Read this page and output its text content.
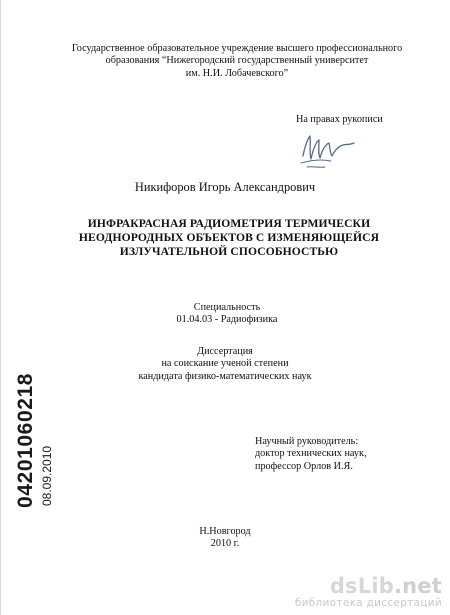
Государственное образовательное учреждение высшего профессионального
образования “Нижегородский государственный университет
им. Н.И. Лобачевского”
На правах рукописи
Никифоров Игорь Александрович
ИНФРАКРАСНАЯ РАДИОМЕТРИЯ ТЕРМИЧЕСКИ
НЕОДНОРОДНЫХ ОБЪЕКТОВ С ИЗМЕНЯЮЩЕЙСЯ
ИЗЛУЧАТЕЛЬНОЙ СПОСОБНОСТЬЮ
Специальность
01.04.03 - Радиофизика
Диссертация
на соискание ученой степени
кандидата физико-математических наук
Научный руководитель:
доктор технических наук,
профессор Орлов И.Я.
Н.Новгород
2010 г.
04201060218 08.09.2010
dsLib.net
библиотека диссертаций
